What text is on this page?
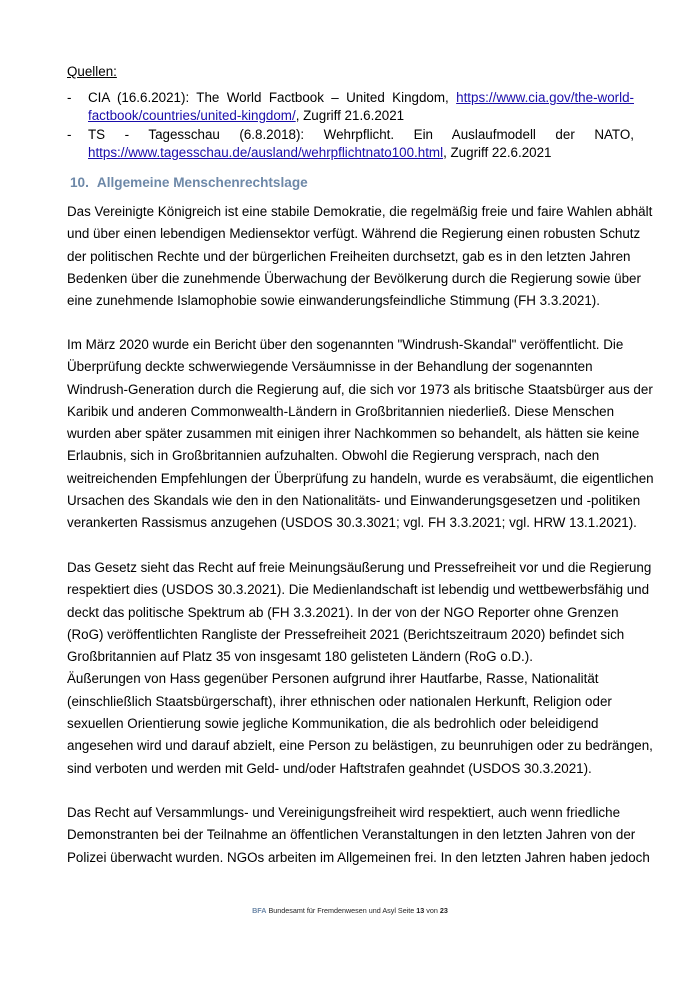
Quellen:
- CIA (16.6.2021): The World Factbook – United Kingdom, https://www.cia.gov/the-world-
factbook/countries/united-kingdom/, Zugriff 21.6.2021
- TS - Tagesschau (6.8.2018): Wehrpflicht. Ein Auslaufmodell der NATO,
https://www.tagesschau.de/ausland/wehrpflichtnato100.html, Zugriff 22.6.2021
10. Allgemeine Menschenrechtslage
Das Vereinigte Königreich ist eine stabile Demokratie, die regelmäßig freie und faire Wahlen abhält
und über einen lebendigen Mediensektor verfügt. Während die Regierung einen robusten Schutz
der politischen Rechte und der bürgerlichen Freiheiten durchsetzt, gab es in den letzten Jahren
Bedenken über die zunehmende Überwachung der Bevölkerung durch die Regierung sowie über
eine zunehmende Islamophobie sowie einwanderungsfeindliche Stimmung (FH 3.3.2021).
Im März 2020 wurde ein Bericht über den sogenannten "Windrush-Skandal" veröffentlicht. Die
Überprüfung deckte schwerwiegende Versäumnisse in der Behandlung der sogenannten
Windrush-Generation durch die Regierung auf, die sich vor 1973 als britische Staatsbürger aus der
Karibik und anderen Commonwealth-Ländern in Großbritannien niederließ. Diese Menschen
wurden aber später zusammen mit einigen ihrer Nachkommen so behandelt, als hätten sie keine
Erlaubnis, sich in Großbritannien aufzuhalten. Obwohl die Regierung versprach, nach den
weitreichenden Empfehlungen der Überprüfung zu handeln, wurde es verabsäumt, die eigentlichen
Ursachen des Skandals wie den in den Nationalitäts- und Einwanderungsgesetzen und -politiken
verankerten Rassismus anzugehen (USDOS 30.3.3021; vgl. FH 3.3.2021; vgl. HRW 13.1.2021).
Das Gesetz sieht das Recht auf freie Meinungsäußerung und Pressefreiheit vor und die Regierung
respektiert dies (USDOS 30.3.2021). Die Medienlandschaft ist lebendig und wettbewerbsfähig und
deckt das politische Spektrum ab (FH 3.3.2021). In der von der NGO Reporter ohne Grenzen
(RoG) veröffentlichten Rangliste der Pressefreiheit 2021 (Berichtszeitraum 2020) befindet sich
Großbritannien auf Platz 35 von insgesamt 180 gelisteten Ländern (RoG o.D.).
Äußerungen von Hass gegenüber Personen aufgrund ihrer Hautfarbe, Rasse, Nationalität
(einschließlich Staatsbürgerschaft), ihrer ethnischen oder nationalen Herkunft, Religion oder
sexuellen Orientierung sowie jegliche Kommunikation, die als bedrohlich oder beleidigend
angesehen wird und darauf abzielt, eine Person zu belästigen, zu beunruhigen oder zu bedrängen,
sind verboten und werden mit Geld- und/oder Haftstrafen geahndet (USDOS 30.3.2021).
Das Recht auf Versammlungs- und Vereinigungsfreiheit wird respektiert, auch wenn friedliche
Demonstranten bei der Teilnahme an öffentlichen Veranstaltungen in den letzten Jahren von der
Polizei überwacht wurden. NGOs arbeiten im Allgemeinen frei. In den letzten Jahren haben jedoch
BFA Bundesamt für Fremdenwesen und Asyl Seite 13 von 23
